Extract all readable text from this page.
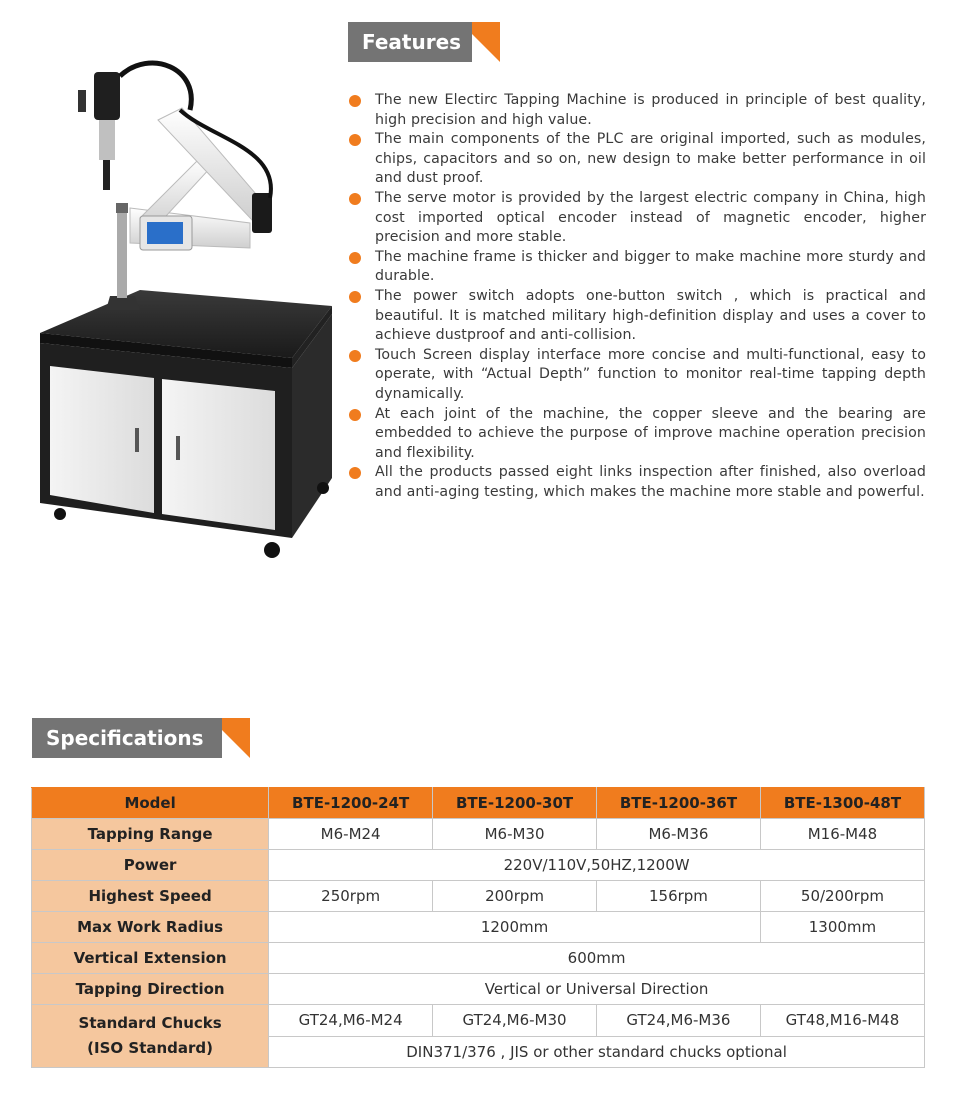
Features
The new Electirc Tapping Machine is produced in principle of best quality, high precision and high value.
The main components of the PLC are original imported, such as modules, chips, capacitors and so on, new design to make better performance in oil and dust proof.
The serve motor is provided by the largest electric company in China, high cost imported optical encoder instead of magnetic encoder, higher precision and more stable.
The machine frame is thicker and bigger to make machine more sturdy and durable.
The power switch adopts one-button switch , which is practical and beautiful. It is matched military high-definition display and uses a cover to achieve dustproof and anti-collision.
Touch Screen display interface more concise and multi-functional, easy to operate, with “Actual Depth” function to monitor real-time tapping depth dynamically.
At each joint of the machine, the copper sleeve and the bearing are embedded to achieve the purpose of improve machine operation precision and flexibility.
All the products passed eight links inspection after finished, also overload and anti-aging testing, which makes the machine more stable and powerful.
Specifications
Model	BTE-1200-24T	BTE-1200-30T	BTE-1200-36T	BTE-1300-48T
Tapping Range	M6-M24	M6-M30	M6-M36	M16-M48
Power	220V/110V,50HZ,1200W			
Highest Speed	250rpm	200rpm	156rpm	50/200rpm
Max Work Radius	1200mm			1300mm
Vertical Extension	600mm			
Tapping Direction	Vertical or Universal Direction			
Standard Chucks
(ISO Standard)	GT24,M6-M24	GT24,M6-M30	GT24,M6-M36	GT48,M16-M48
	DIN371/376 , JIS or other standard chucks optional			
